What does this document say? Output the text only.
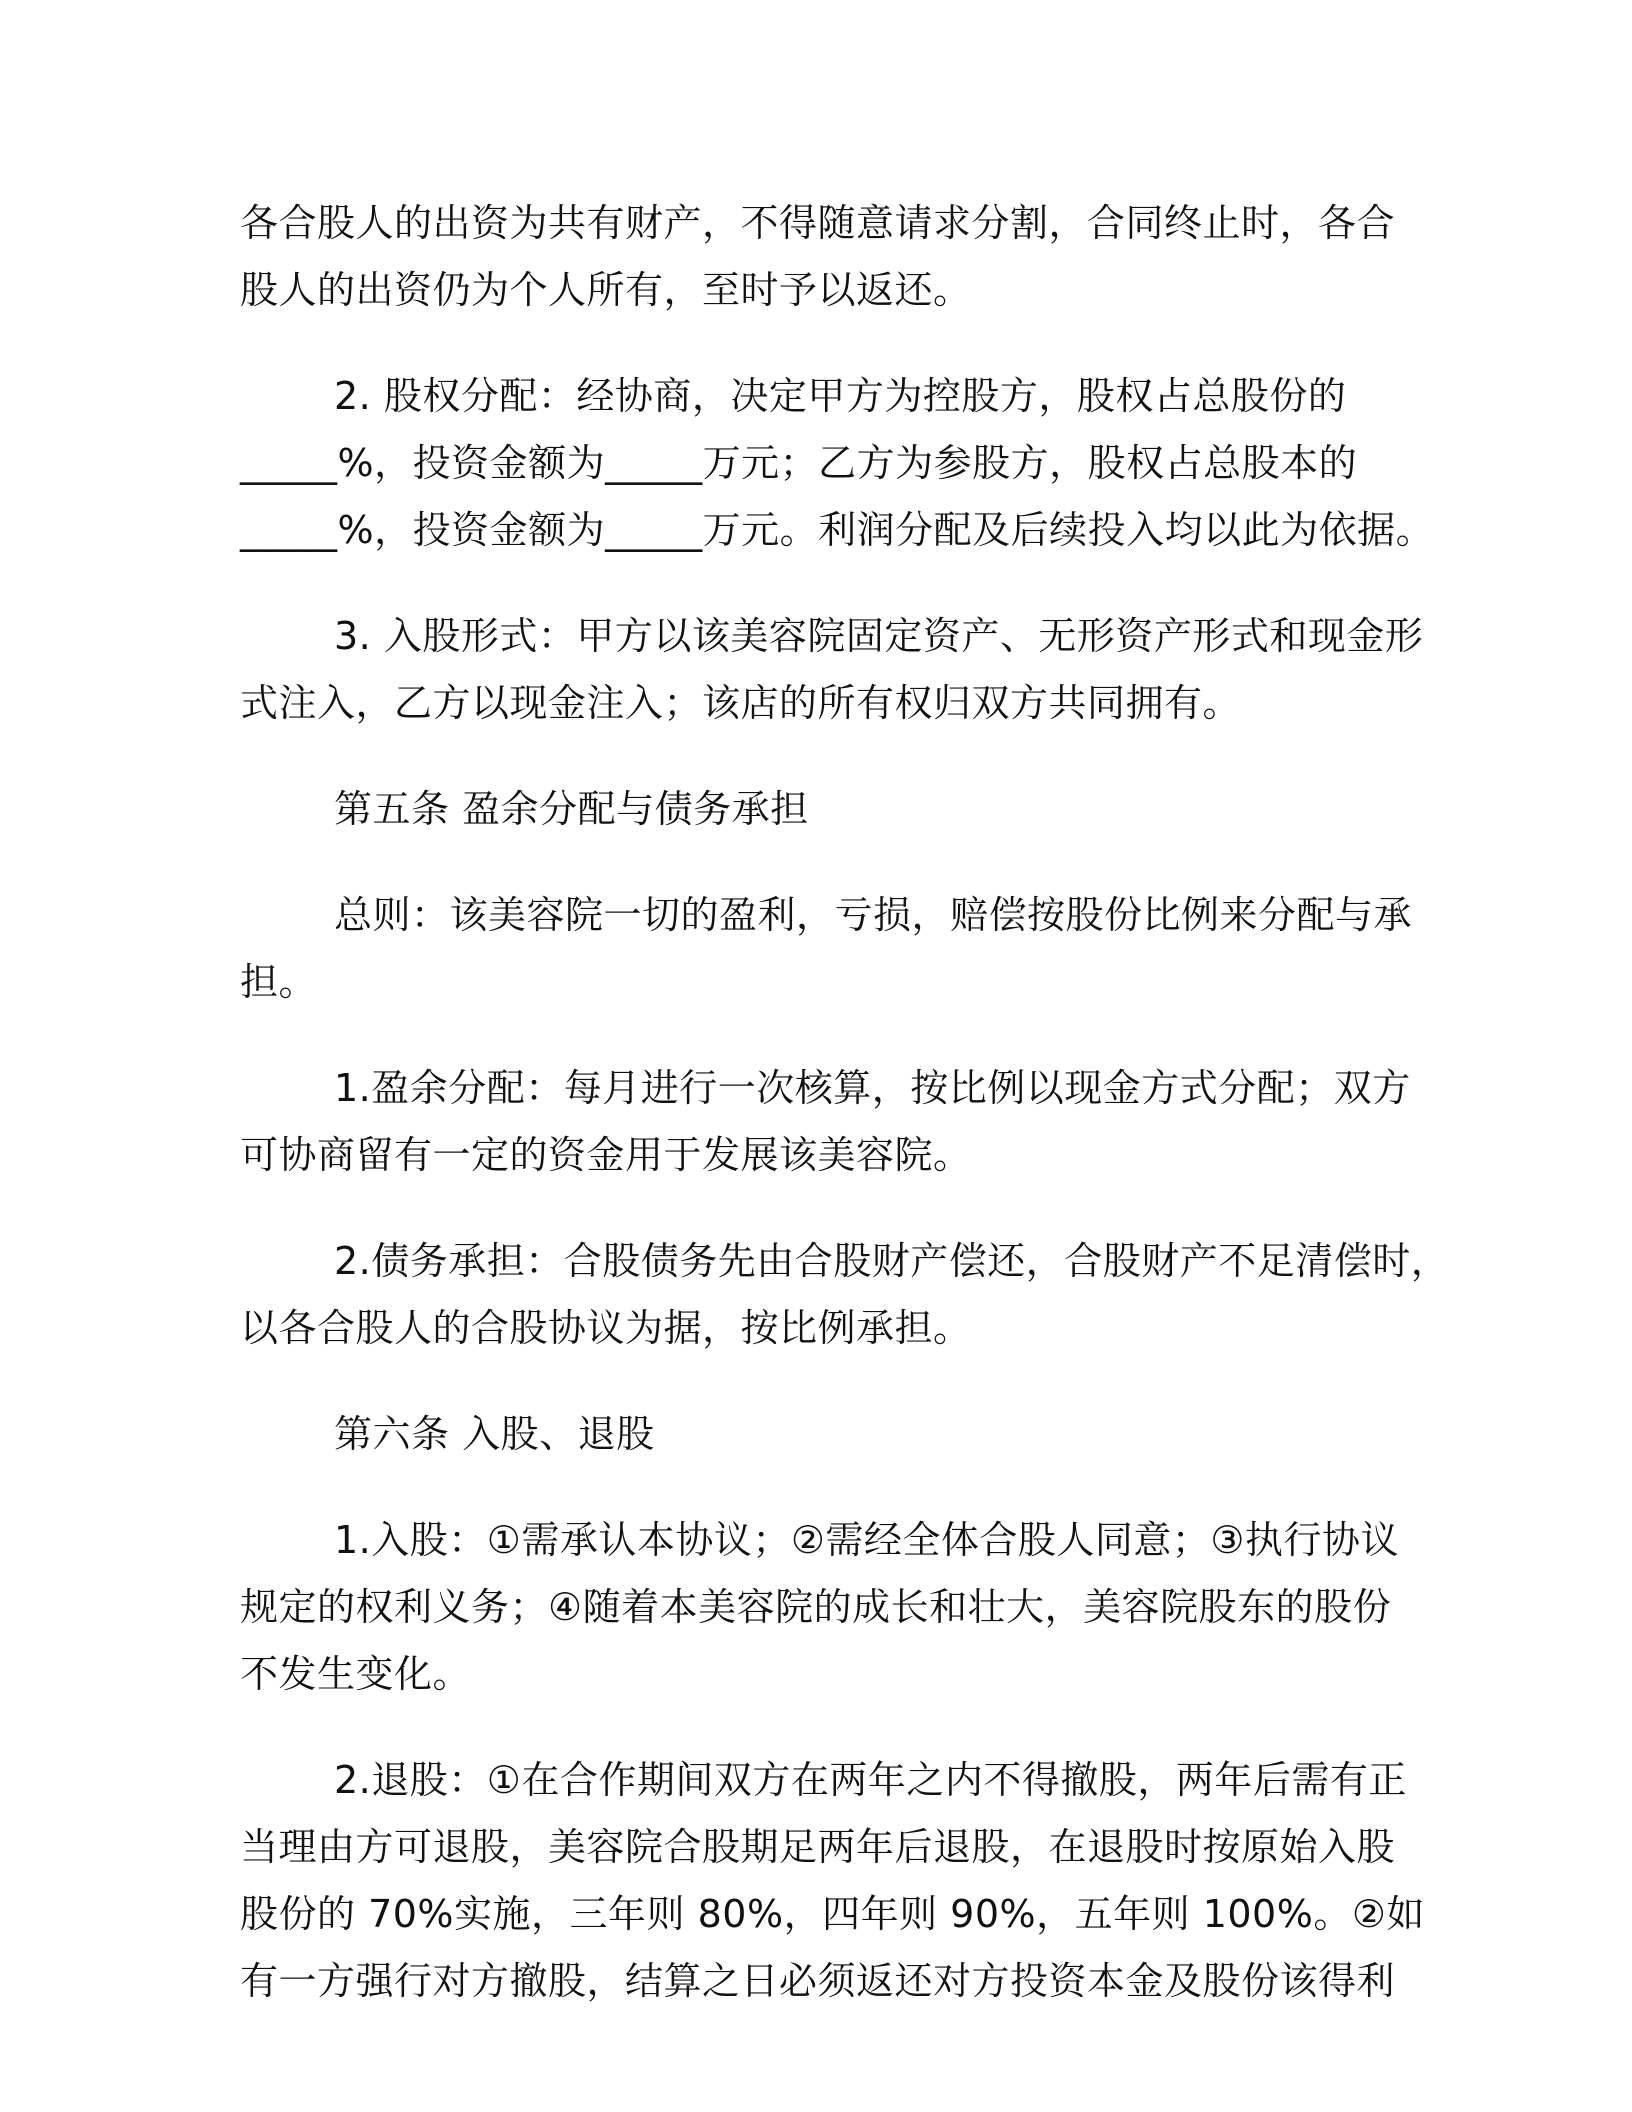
各合股人的出资为共有财产，不得随意请求分割，合同终止时，各合
股人的出资仍为个人所有，至时予以返还。

2. 股权分配：经协商，决定甲方为控股方，股权占总股份的
_____%，投资金额为_____万元；乙方为参股方，股权占总股本的
_____%，投资金额为_____万元。利润分配及后续投入均以此为依据。

3. 入股形式：甲方以该美容院固定资产、无形资产形式和现金形
式注入，乙方以现金注入；该店的所有权归双方共同拥有。

第五条 盈余分配与债务承担

总则：该美容院一切的盈利，亏损，赔偿按股份比例来分配与承
担。

1.盈余分配：每月进行一次核算，按比例以现金方式分配；双方
可协商留有一定的资金用于发展该美容院。

2.债务承担：合股债务先由合股财产偿还，合股财产不足清偿时，
以各合股人的合股协议为据，按比例承担。

第六条 入股、退股

1.入股：①需承认本协议；②需经全体合股人同意；③执行协议
规定的权利义务；④随着本美容院的成长和壮大，美容院股东的股份
不发生变化。

2.退股：①在合作期间双方在两年之内不得撤股，两年后需有正
当理由方可退股，美容院合股期足两年后退股，在退股时按原始入股
股份的 70%实施，三年则 80%，四年则 90%，五年则 100%。②如
有一方强行对方撤股，结算之日必须返还对方投资本金及股份该得利
